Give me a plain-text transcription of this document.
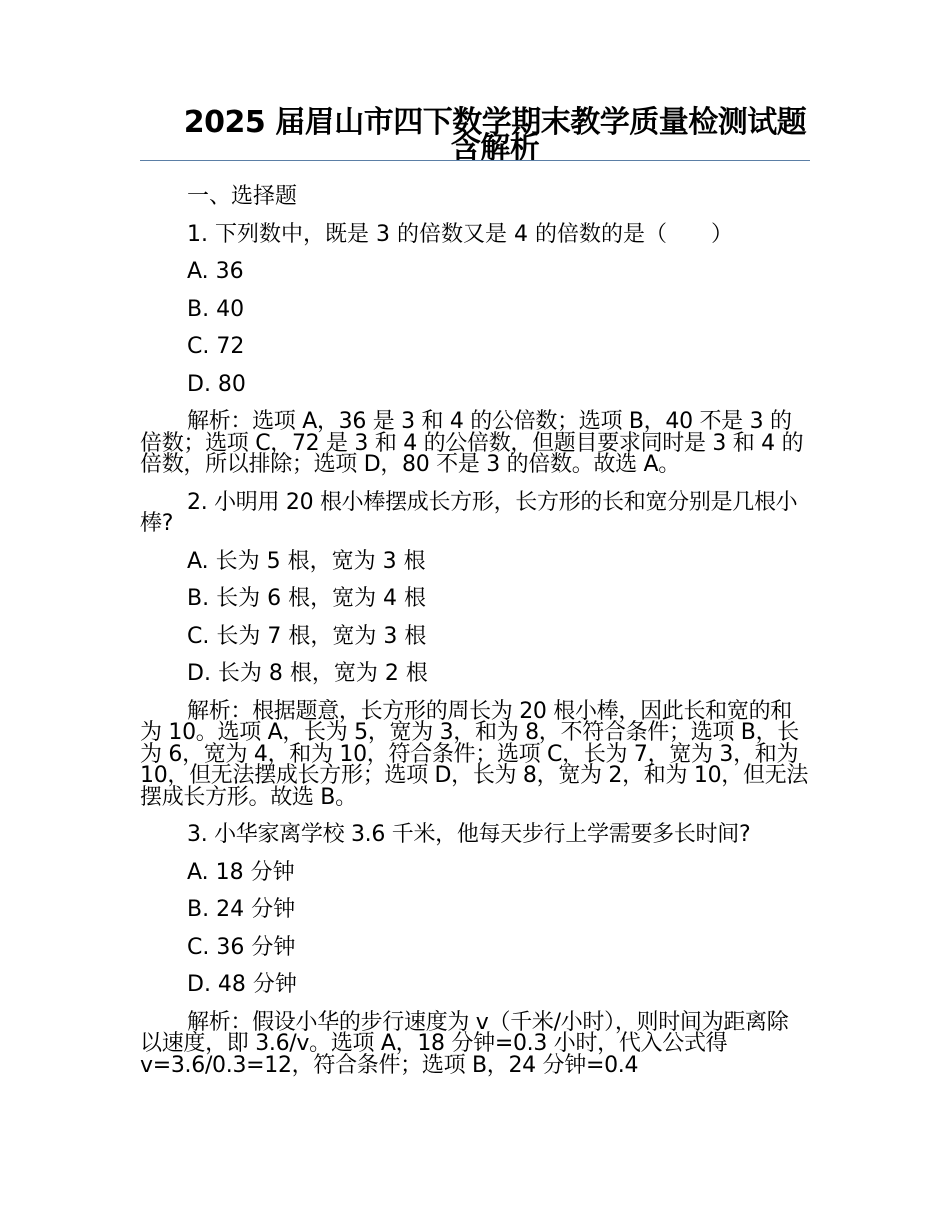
2025 届眉山市四下数学期末教学质量检测试题含解析

一、选择题

1. 下列数中，既是 3 的倍数又是 4 的倍数的是（　　）

A. 36

B. 40

C. 72

D. 80

解析：选项 A，36 是 3 和 4 的公倍数；选项 B，40 不是 3 的倍数；选项 C，72 是 3 和 4 的公倍数，但题目要求同时是 3 和 4 的倍数，所以排除；选项 D，80 不是 3 的倍数。故选 A。

2. 小明用 20 根小棒摆成长方形，长方形的长和宽分别是几根小棒?

A. 长为 5 根，宽为 3 根

B. 长为 6 根，宽为 4 根

C. 长为 7 根，宽为 3 根

D. 长为 8 根，宽为 2 根

解析：根据题意，长方形的周长为 20 根小棒，因此长和宽的和为 10。选项 A，长为 5，宽为 3，和为 8，不符合条件；选项 B，长为 6，宽为 4，和为 10，符合条件；选项 C，长为 7，宽为 3，和为 10，但无法摆成长方形；选项 D，长为 8，宽为 2，和为 10，但无法摆成长方形。故选 B。

3. 小华家离学校 3.6 千米，他每天步行上学需要多长时间?

A. 18 分钟

B. 24 分钟

C. 36 分钟

D. 48 分钟

解析：假设小华的步行速度为 v（千米/小时），则时间为距离除以速度，即 3.6/v。选项 A，18 分钟=0.3 小时，代入公式得 v=3.6/0.3=12，符合条件；选项 B，24 分钟=0.4
